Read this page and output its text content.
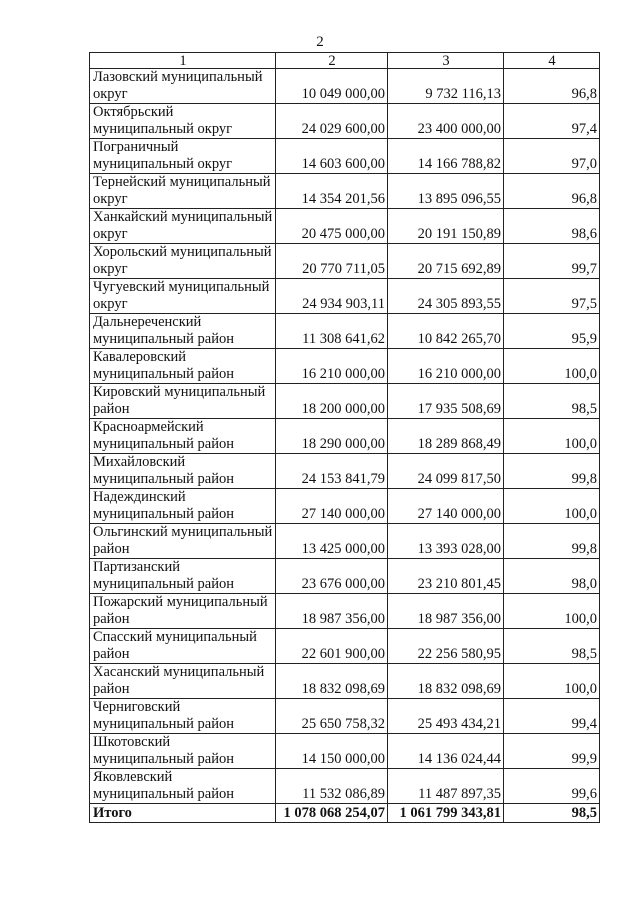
2
1	2	3	4
Лазовский муниципальный округ	10 049 000,00	9 732 116,13	96,8
Октябрьский муниципальный округ	24 029 600,00	23 400 000,00	97,4
Пограничный муниципальный округ	14 603 600,00	14 166 788,82	97,0
Тернейский муниципальный округ	14 354 201,56	13 895 096,55	96,8
Ханкайский муниципальный округ	20 475 000,00	20 191 150,89	98,6
Хорольский муниципальный округ	20 770 711,05	20 715 692,89	99,7
Чугуевский муниципальный округ	24 934 903,11	24 305 893,55	97,5
Дальнереченский муниципальный район	11 308 641,62	10 842 265,70	95,9
Кавалеровский муниципальный район	16 210 000,00	16 210 000,00	100,0
Кировский муниципальный район	18 200 000,00	17 935 508,69	98,5
Красноармейский муниципальный район	18 290 000,00	18 289 868,49	100,0
Михайловский муниципальный район	24 153 841,79	24 099 817,50	99,8
Надеждинский муниципальный район	27 140 000,00	27 140 000,00	100,0
Ольгинский муниципальный район	13 425 000,00	13 393 028,00	99,8
Партизанский муниципальный район	23 676 000,00	23 210 801,45	98,0
Пожарский муниципальный район	18 987 356,00	18 987 356,00	100,0
Спасский муниципальный район	22 601 900,00	22 256 580,95	98,5
Хасанский муниципальный район	18 832 098,69	18 832 098,69	100,0
Черниговский муниципальный район	25 650 758,32	25 493 434,21	99,4
Шкотовский муниципальный район	14 150 000,00	14 136 024,44	99,9
Яковлевский муниципальный район	11 532 086,89	11 487 897,35	99,6
Итого	1 078 068 254,07	1 061 799 343,81	98,5
